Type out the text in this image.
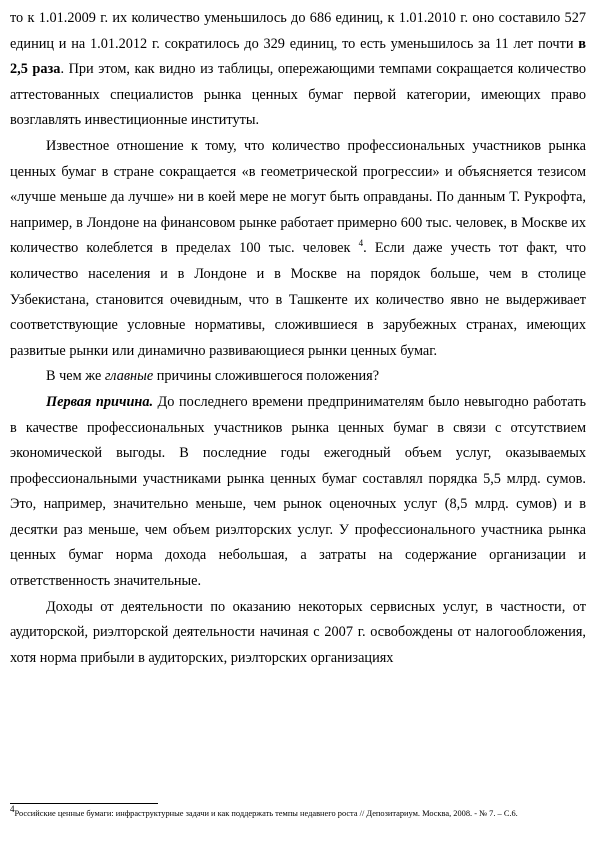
то к 1.01.2009 г. их количество уменьшилось до 686 единиц, к 1.01.2010 г. оно составило 527 единиц и на 1.01.2012 г. сократилось до 329 единиц, то есть уменьшилось за 11 лет почти в 2,5 раза. При этом, как видно из таблицы, опережающими темпами сокращается количество аттестованных специалистов рынка ценных бумаг первой категории, имеющих право возглавлять инвестиционные институты.

Известное отношение к тому, что количество профессиональных участников рынка ценных бумаг в стране сокращается «в геометрической прогрессии» и объясняется тезисом «лучше меньше да лучше» ни в коей мере не могут быть оправданы. По данным Т. Рукрофта, например, в Лондоне на финансовом рынке работает примерно 600 тыс. человек, в Москве их количество колеблется в пределах 100 тыс. человек $^4$. Если даже учесть тот факт, что количество населения и в Лондоне и в Москве на порядок больше, чем в столице Узбекистана, становится очевидным, что в Ташкенте их количество явно не выдерживает соответствующие условные нормативы, сложившиеся в зарубежных странах, имеющих развитые рынки или динамично развивающиеся рынки ценных бумаг.

В чем же главные причины сложившегося положения?

Первая причина. До последнего времени предпринимателям было невыгодно работать в качестве профессиональных участников рынка ценных бумаг в связи с отсутствием экономической выгоды. В последние годы ежегодный объем услуг, оказываемых профессиональными участниками рынка ценных бумаг составлял порядка 5,5 млрд. сумов. Это, например, значительно меньше, чем рынок оценочных услуг (8,5 млрд. сумов) и в десятки раз меньше, чем объем риэлторских услуг. У профессионального участника рынка ценных бумаг норма дохода небольшая, а затраты на содержание организации и ответственность значительные.

Доходы от деятельности по оказанию некоторых сервисных услуг, в частности, от аудиторской, риэлторской деятельности начиная с 2007 г. освобождены от налогообложения, хотя норма прибыли в аудиторских, риэлторских организациях

$^4$Российские ценные бумаги: инфраструктурные задачи и как поддержать темпы недавнего роста // Депозитариум. Москва, 2008. - № 7. – С.6.
